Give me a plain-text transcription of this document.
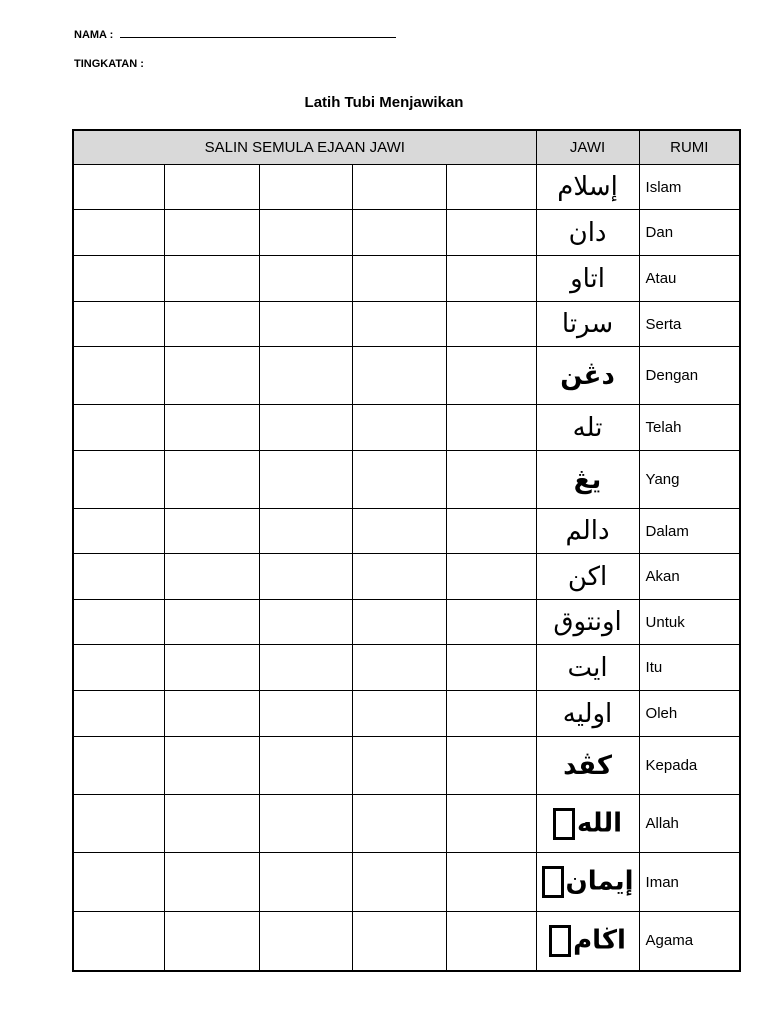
NAMA :
TINGKATAN :
Latih Tubi Menjawikan
SALIN SEMULA EJAAN JAWI					JAWI	RUMI
					إسلام	Islam
					دان	Dan
					اتاو	Atau
					سرتا	Serta
					دڠن	Dengan
					تله	Telah
					يڠ	Yang
					دالم	Dalam
					اكن	Akan
					اونتوق	Untuk
					ايت	Itu
					اوليه	Oleh
					كڤد	Kepada
					الله	Allah
					إيمان	Iman
					اڬام	Agama
